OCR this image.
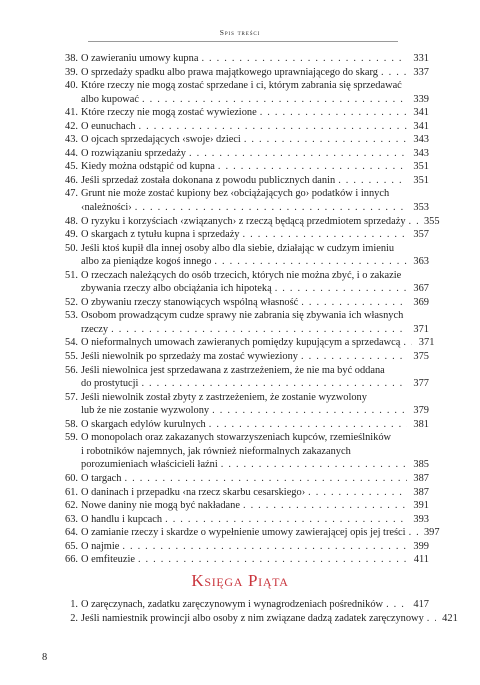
Spis treści
38. O zawieraniu umowy kupna . . .	331
39. O sprzedaży spadku albo prawa majątkowego uprawniającego do skarg . . .	337
40. Które rzeczy nie mogą zostać sprzedane i ci, którym zabrania się sprzedawać
albo kupować . . .	339
41. Które rzeczy nie mogą zostać wywiezione . . .	341
42. O eunuchach . . .	341
43. O ojcach sprzedających ‹swoje› dzieci . . .	343
44. O rozwiązaniu sprzedaży . . .	343
45. Kiedy można odstąpić od kupna . . .	351
46. Jeśli sprzedaż została dokonana z powodu publicznych danin . . .	351
47. Grunt nie może zostać kupiony bez ‹obciążających go› podatków i innych
‹należności› . . .	353
48. O ryzyku i korzyściach ‹związanych› z rzeczą będącą przedmiotem sprzedaży . . .	355
49. O skargach z tytułu kupna i sprzedaży . . .	357
50. Jeśli ktoś kupił dla innej osoby albo dla siebie, działając w cudzym imieniu
albo za pieniądze kogoś innego . . .	363
51. O rzeczach należących do osób trzecich, których nie można zbyć, i o zakazie
zbywania rzeczy albo obciążania ich hipoteką . . .	367
52. O zbywaniu rzeczy stanowiących wspólną własność . . .	369
53. Osobom prowadzącym cudze sprawy nie zabrania się zbywania ich własnych
rzeczy . . .	371
54. O nieformalnych umowach zawieranych pomiędzy kupującym a sprzedawcą . . .	371
55. Jeśli niewolnik po sprzedaży ma zostać wywieziony . . .	375
56. Jeśli niewolnica jest sprzedawana z zastrzeżeniem, że nie ma być oddana
do prostytucji . . .	377
57. Jeśli niewolnik został zbyty z zastrzeżeniem, że zostanie wyzwolony
lub że nie zostanie wyzwolony . . .	379
58. O skargach edylów kurulnych . . .	381
59. O monopolach oraz zakazanych stowarzyszeniach kupców, rzemieślników
i robotników najemnych, jak również nieformalnych zakazanych
porozumieniach właścicieli łaźni . . .	385
60. O targach . . .	387
61. O daninach i przepadku ‹na rzecz skarbu cesarskiego› . . .	387
62. Nowe daniny nie mogą być nakładane . . .	391
63. O handlu i kupcach . . .	393
64. O zamianie rzeczy i skardze o wypełnienie umowy zawierającej opis jej treści . . .	397
65. O najmie . . .	399
66. O emfiteuzie . . .	411
Księga Piąta
1. O zaręczynach, zadatku zaręczynowym i wynagrodzeniach pośredników . . .	417
2. Jeśli namiestnik prowincji albo osoby z nim związane dadzą zadatek zaręczynowy . . .	421
8
